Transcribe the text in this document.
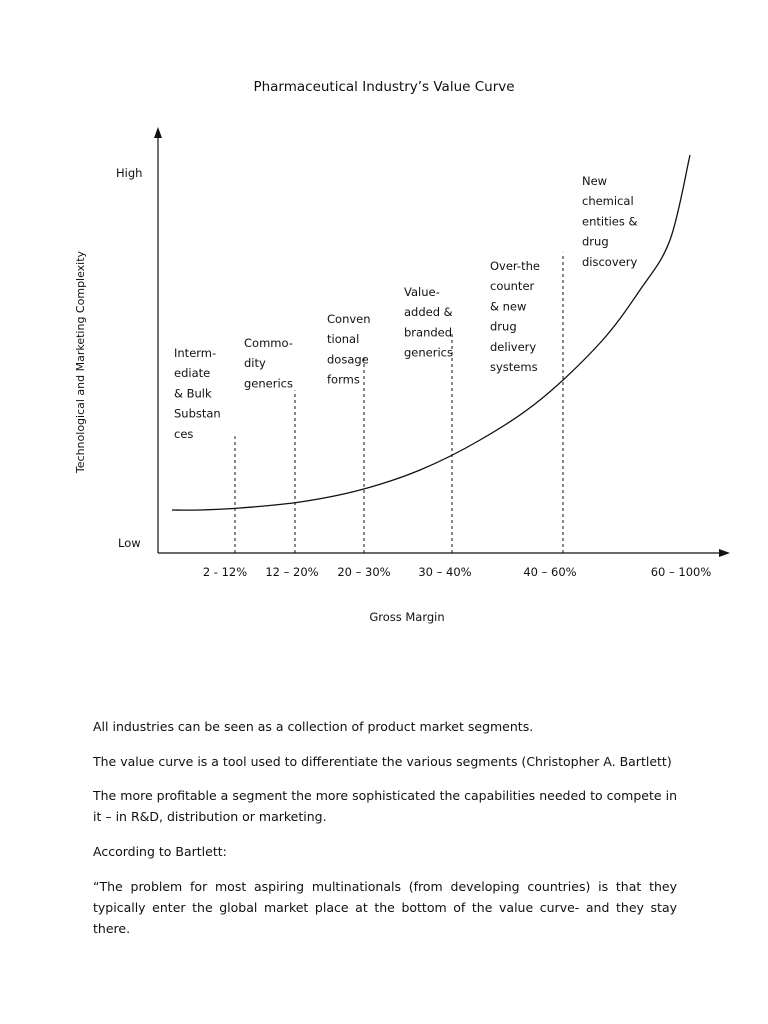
Pharmaceutical Industry’s Value Curve
High
Low
Technological and Marketing Complexity
Gross Margin
2 - 12% 12 – 20% 20 – 30% 30 – 40%	40 – 60%	60 – 100%
Interm-ediate & Bulk Substan ces
Commo-dity generics
Conven tional dosage forms
Value-added & branded generics
Over-the counter & new drug delivery systems
New chemical entities & drug discovery

All industries can be seen as a collection of product market segments.

The value curve is a tool used to differentiate the various segments (Christopher A. Bartlett)

The more profitable a segment the more sophisticated the capabilities needed to compete in it – in R&D, distribution or marketing.

According to Bartlett:

“The problem for most aspiring multinationals (from developing countries) is that they typically enter the global market place at the bottom of the value curve- and they stay there.
